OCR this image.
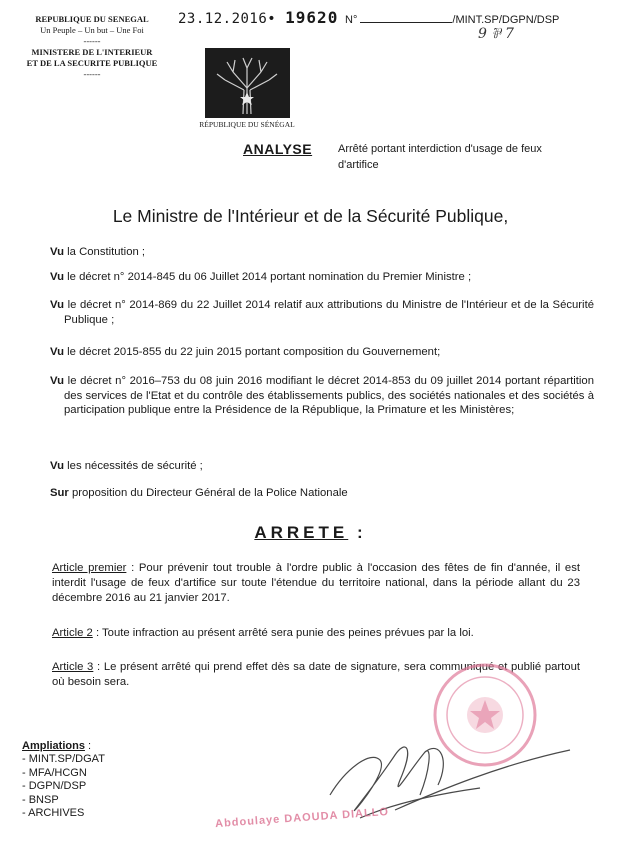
REPUBLIQUE DU SENEGAL
Un Peuple – Un but – Une Foi
------
MINISTERE DE L'INTERIEUR
ET DE LA SECURITE PUBLIQUE
------
23.12.2016• 19620 N°	/MINT.SP/DGPN/DSP
9 ⅌ 7
RÉPUBLIQUE DU SÉNÉGAL
ANALYSE Arrêté portant interdiction d'usage de feux d'artifice
Le Ministre de l'Intérieur et de la Sécurité Publique,
Vu la Constitution ;
Vu le décret n° 2014-845 du 06 Juillet 2014 portant nomination du Premier Ministre ;
Vu le décret n° 2014-869 du 22 Juillet 2014 relatif aux attributions du Ministre de l'Intérieur et de la Sécurité Publique ;
Vu le décret 2015-855 du 22 juin 2015 portant composition du Gouvernement;
Vu le décret n° 2016–753 du 08 juin 2016 modifiant le décret 2014-853 du 09 juillet 2014 portant répartition des services de l'Etat et du contrôle des établissements publics, des sociétés nationales et des sociétés à participation publique entre la Présidence de la République, la Primature et les Ministères;
Vu les nécessités de sécurité ;
Sur proposition du Directeur Général de la Police Nationale
ARRETE :
Article premier : Pour prévenir tout trouble à l'ordre public à l'occasion des fêtes de fin d'année, il est interdit l'usage de feux d'artifice sur toute l'étendue du territoire national, dans la période allant du 23 décembre 2016 au 21 janvier 2017.
Article 2 : Toute infraction au présent arrêté sera punie des peines prévues par la loi.
Article 3 : Le présent arrêté qui prend effet dès sa date de signature, sera communiqué et publié partout où besoin sera.
Abdoulaye DAOUDA DIALLO
Ampliations :
- MINT.SP/DGAT
- MFA/HCGN
- DGPN/DSP
- BNSP
- ARCHIVES
